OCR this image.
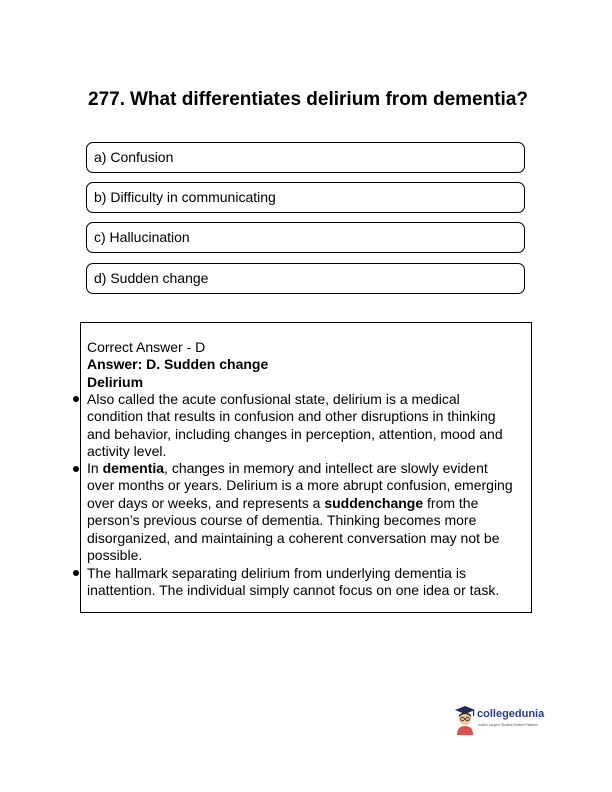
277. What differentiates delirium from dementia?
a) Confusion
b) Difficulty in communicating
c) Hallucination
d) Sudden change
Correct Answer - D
Answer: D. Sudden change
Delirium
Also called the acute confusional state, delirium is a medical
condition that results in confusion and other disruptions in thinking
and behavior, including changes in perception, attention, mood and
activity level.
In dementia, changes in memory and intellect are slowly evident
over months or years. Delirium is a more abrupt confusion, emerging
over days or weeks, and represents a suddenchange from the
person’s previous course of dementia. Thinking becomes more
disorganized, and maintaining a coherent conversation may not be
possible.
The hallmark separating delirium from underlying dementia is
inattention. The individual simply cannot focus on one idea or task.
collegedunia
India's Largest Student Review Platform
